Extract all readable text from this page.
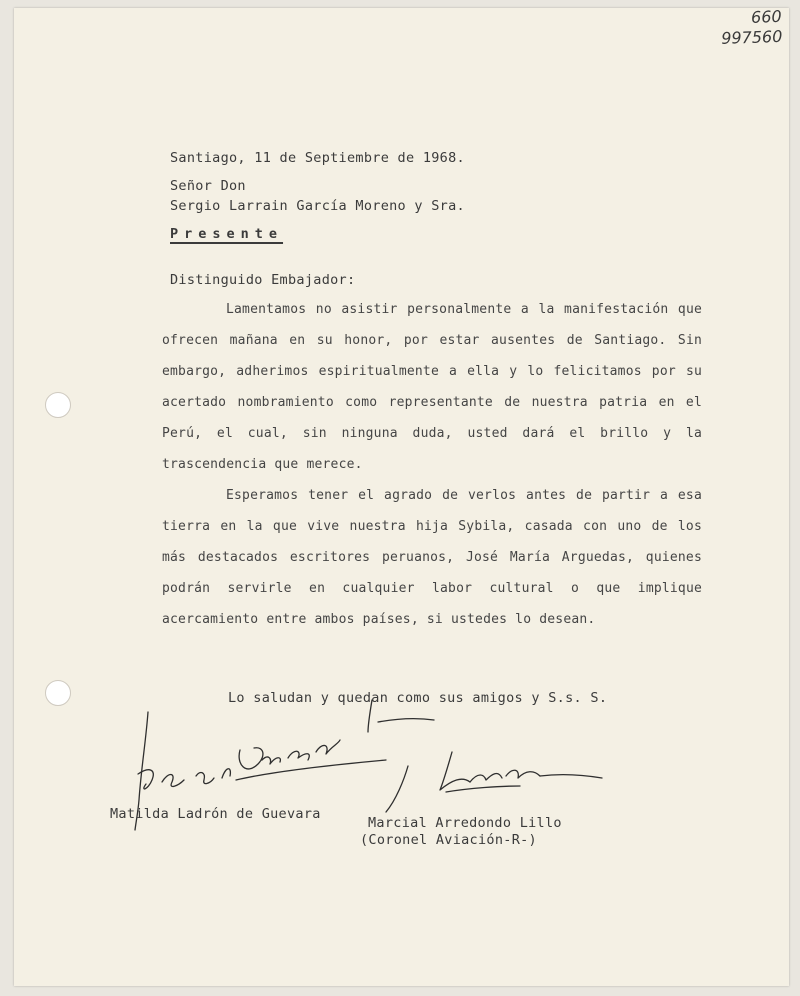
660
997560
Santiago, 11 de Septiembre de 1968.
Señor Don
Sergio Larrain García Moreno y Sra.
Presente
Distinguido Embajador:

Lamentamos no asistir personalmente a la manifestación que ofrecen mañana en su honor, por estar ausentes de Santiago. Sin embargo, adherimos espiritualmente a ella y lo felicitamos por su acertado nombramiento como representante de nuestra patria en el Perú, el cual, sin ninguna duda, usted dará el brillo y la trascendencia que merece.

Esperamos tener el agrado de verlos antes de partir a esa tierra en la que vive nuestra hija Sybila, casada con uno de los más destacados escritores peruanos, José María Arguedas, quienes podrán servirle en cualquier labor cultural o que implique acercamiento entre ambos países, si ustedes lo desean.

Lo saludan y quedan como sus amigos y S.s. S.
Matilda Ladrón de Guevara
Marcial Arredondo Lillo
(Coronel Aviación-R-)
